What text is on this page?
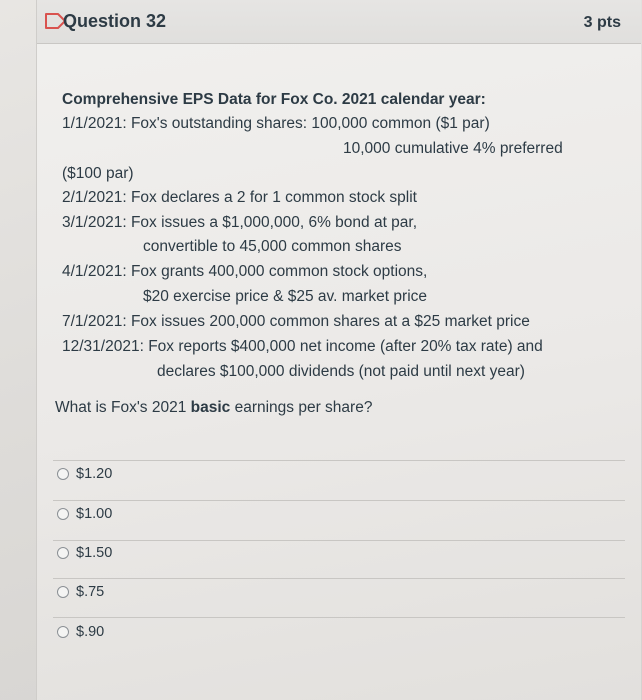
Question 32	3 pts
Comprehensive EPS Data for Fox Co. 2021 calendar year:
1/1/2021: Fox's outstanding shares: 100,000 common ($1 par)
10,000 cumulative 4% preferred
($100 par)
2/1/2021: Fox declares a 2 for 1 common stock split
3/1/2021: Fox issues a $1,000,000, 6% bond at par,
convertible to 45,000 common shares
4/1/2021: Fox grants 400,000 common stock options,
$20 exercise price & $25 av. market price
7/1/2021: Fox issues 200,000 common shares at a $25 market price
12/31/2021: Fox reports $400,000 net income (after 20% tax rate) and
declares $100,000 dividends (not paid until next year)
What is Fox's 2021 basic earnings per share?
$1.20
$1.00
$1.50
$.75
$.90
